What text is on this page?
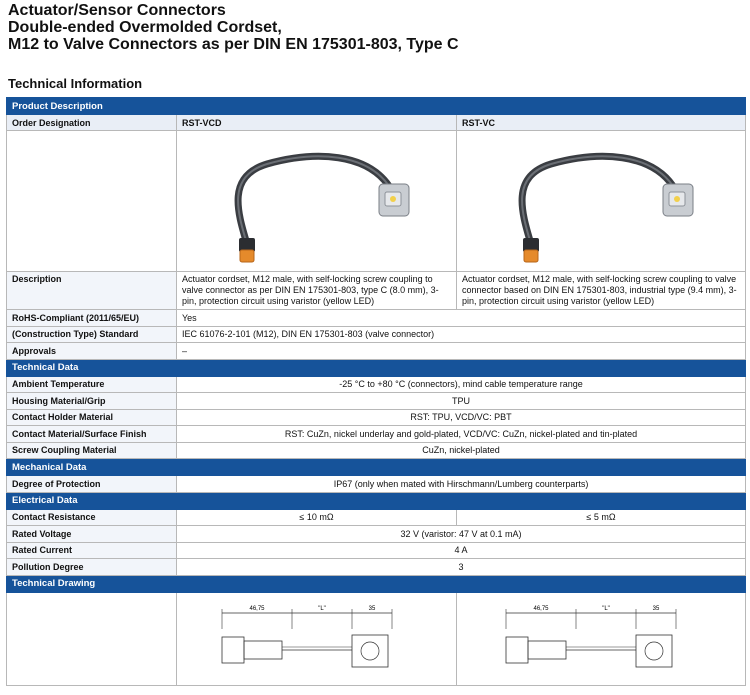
Actuator/Sensor Connectors
Double-ended Overmolded Cordset,
M12 to Valve Connectors as per DIN EN 175301-803, Type C
Technical Information
Product Description		
Order Designation	RST-VCD	RST-VC

Description	Actuator cordset, M12 male, with self-locking screw coupling to valve connector as per DIN EN 175301-803, type C (8.0 mm), 3-pin, protection circuit using varistor (yellow LED)	Actuator cordset, M12 male, with self-locking screw coupling to valve connector based on DIN EN 175301-803, industrial type (9.4 mm), 3-pin, protection circuit using varistor (yellow LED)
RoHS-Compliant (2011/65/EU)	Yes	
(Construction Type) Standard	IEC 61076-2-101 (M12), DIN EN 175301-803 (valve connector)	
Approvals	–	
Technical Data		
Ambient Temperature	-25 °C to +80 °C (connectors), mind cable temperature range	
Housing Material/Grip	TPU	
Contact Holder Material	RST: TPU, VCD/VC: PBT	
Contact Material/Surface Finish	RST: CuZn, nickel underlay and gold-plated, VCD/VC: CuZn, nickel-plated and tin-plated	
Screw Coupling Material	CuZn, nickel-plated	
Mechanical Data		
Degree of Protection	IP67 (only when mated with Hirschmann/Lumberg counterparts)	
Electrical Data		
Contact Resistance	≤ 10 mΩ	≤ 5 mΩ
Rated Voltage	32 V (varistor: 47 V at 0.1 mA)	
Rated Current	4 A	
Pollution Degree	3	
Technical Drawing		

46,75 "L" 35	46,75 "L" 35
